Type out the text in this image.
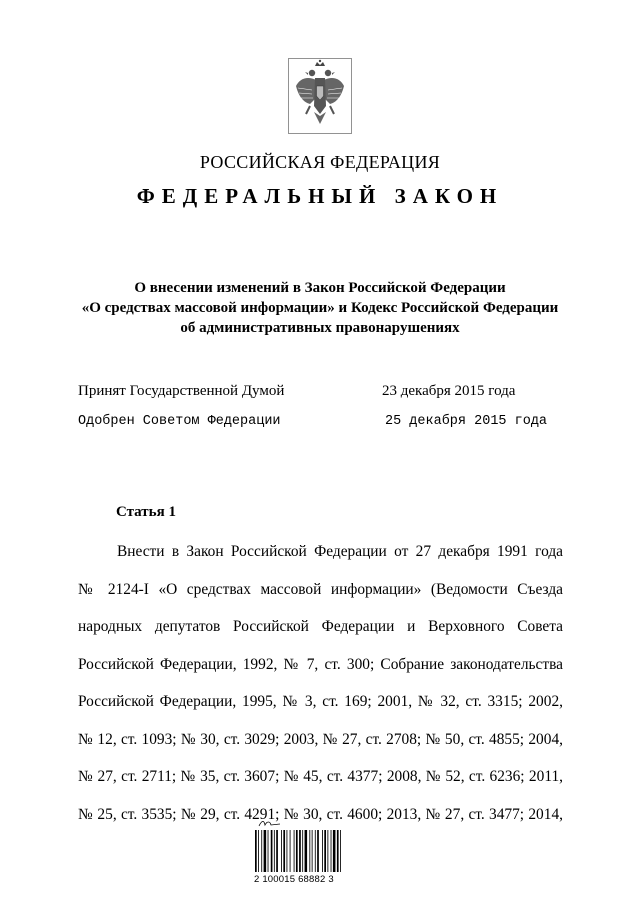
РОССИЙСКАЯ ФЕДЕРАЦИЯ
ФЕДЕРАЛЬНЫЙ ЗАКОН
О внесении изменений в Закон Российской Федерации
«О средствах массовой информации» и Кодекс Российской Федерации
об административных правонарушениях
Принят Государственной Думой	23 декабря 2015 года
Одобрен Советом Федерации	25 декабря 2015 года
Статья 1
Внести в Закон Российской Федерации от 27 декабря 1991 года
№ 2124-I «О средствах массовой информации» (Ведомости Съезда
народных депутатов Российской Федерации и Верховного Совета
Российской Федерации, 1992, № 7, ст. 300; Собрание законодательства
Российской Федерации, 1995, № 3, ст. 169; 2001, № 32, ст. 3315; 2002,
№ 12, ст. 1093; № 30, ст. 3029; 2003, № 27, ст. 2708; № 50, ст. 4855; 2004,
№ 27, ст. 2711; № 35, ст. 3607; № 45, ст. 4377; 2008, № 52, ст. 6236; 2011,
№ 25, ст. 3535; № 29, ст. 4291; № 30, ст. 4600; 2013, № 27, ст. 3477; 2014,
2 100015 68882 3
